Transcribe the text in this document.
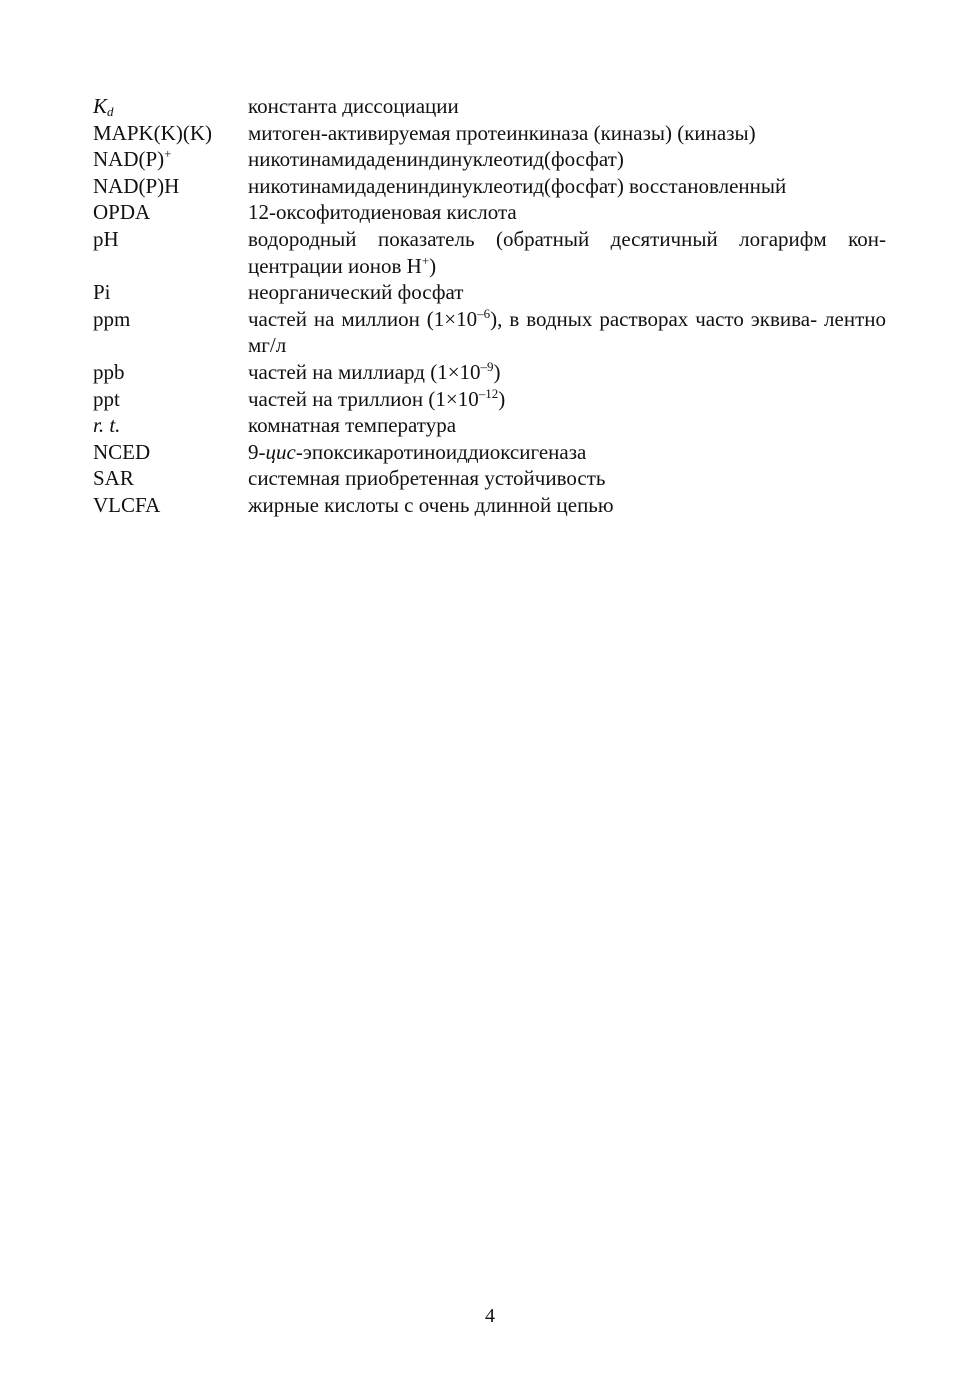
$K_d$	константа диссоциации
MAPK(K)(K)	митоген-активируемая протеинкиназа (киназы) (киназы)
NAD(P)+	никотинамидадениндинуклеотид(фосфат)
NAD(P)H	никотинамидадениндинуклеотид(фосфат) восстановленный
OPDA	12-оксофитодиеновая кислота
pH	водородный показатель (обратный десятичный логарифм кон- центрации ионов H+)
Pi	неорганический фосфат
ppm	частей на миллион $(1\times 10^{-6})$, в водных растворах часто эквива- лентно мг/л
ppb	частей на миллиард $(1\times 10^{-9})$
ppt	частей на триллион $(1\times 10^{-12})$
r. t.	комнатная температура
NCED	9-цис-эпоксикаротиноиддиоксигеназа
SAR	системная приобретенная устойчивость
VLCFA	жирные кислоты с очень длинной цепью
4
